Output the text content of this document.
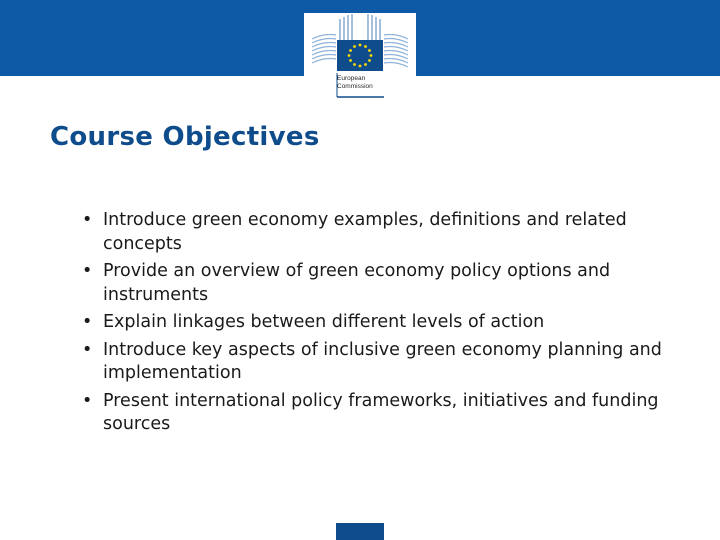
European
Commission
Course Objectives
• Introduce green economy examples, definitions and related concepts
• Provide an overview of green economy policy options and instruments
• Explain linkages between different levels of action
• Introduce key aspects of inclusive green economy planning and implementation
• Present international policy frameworks, initiatives and funding sources
